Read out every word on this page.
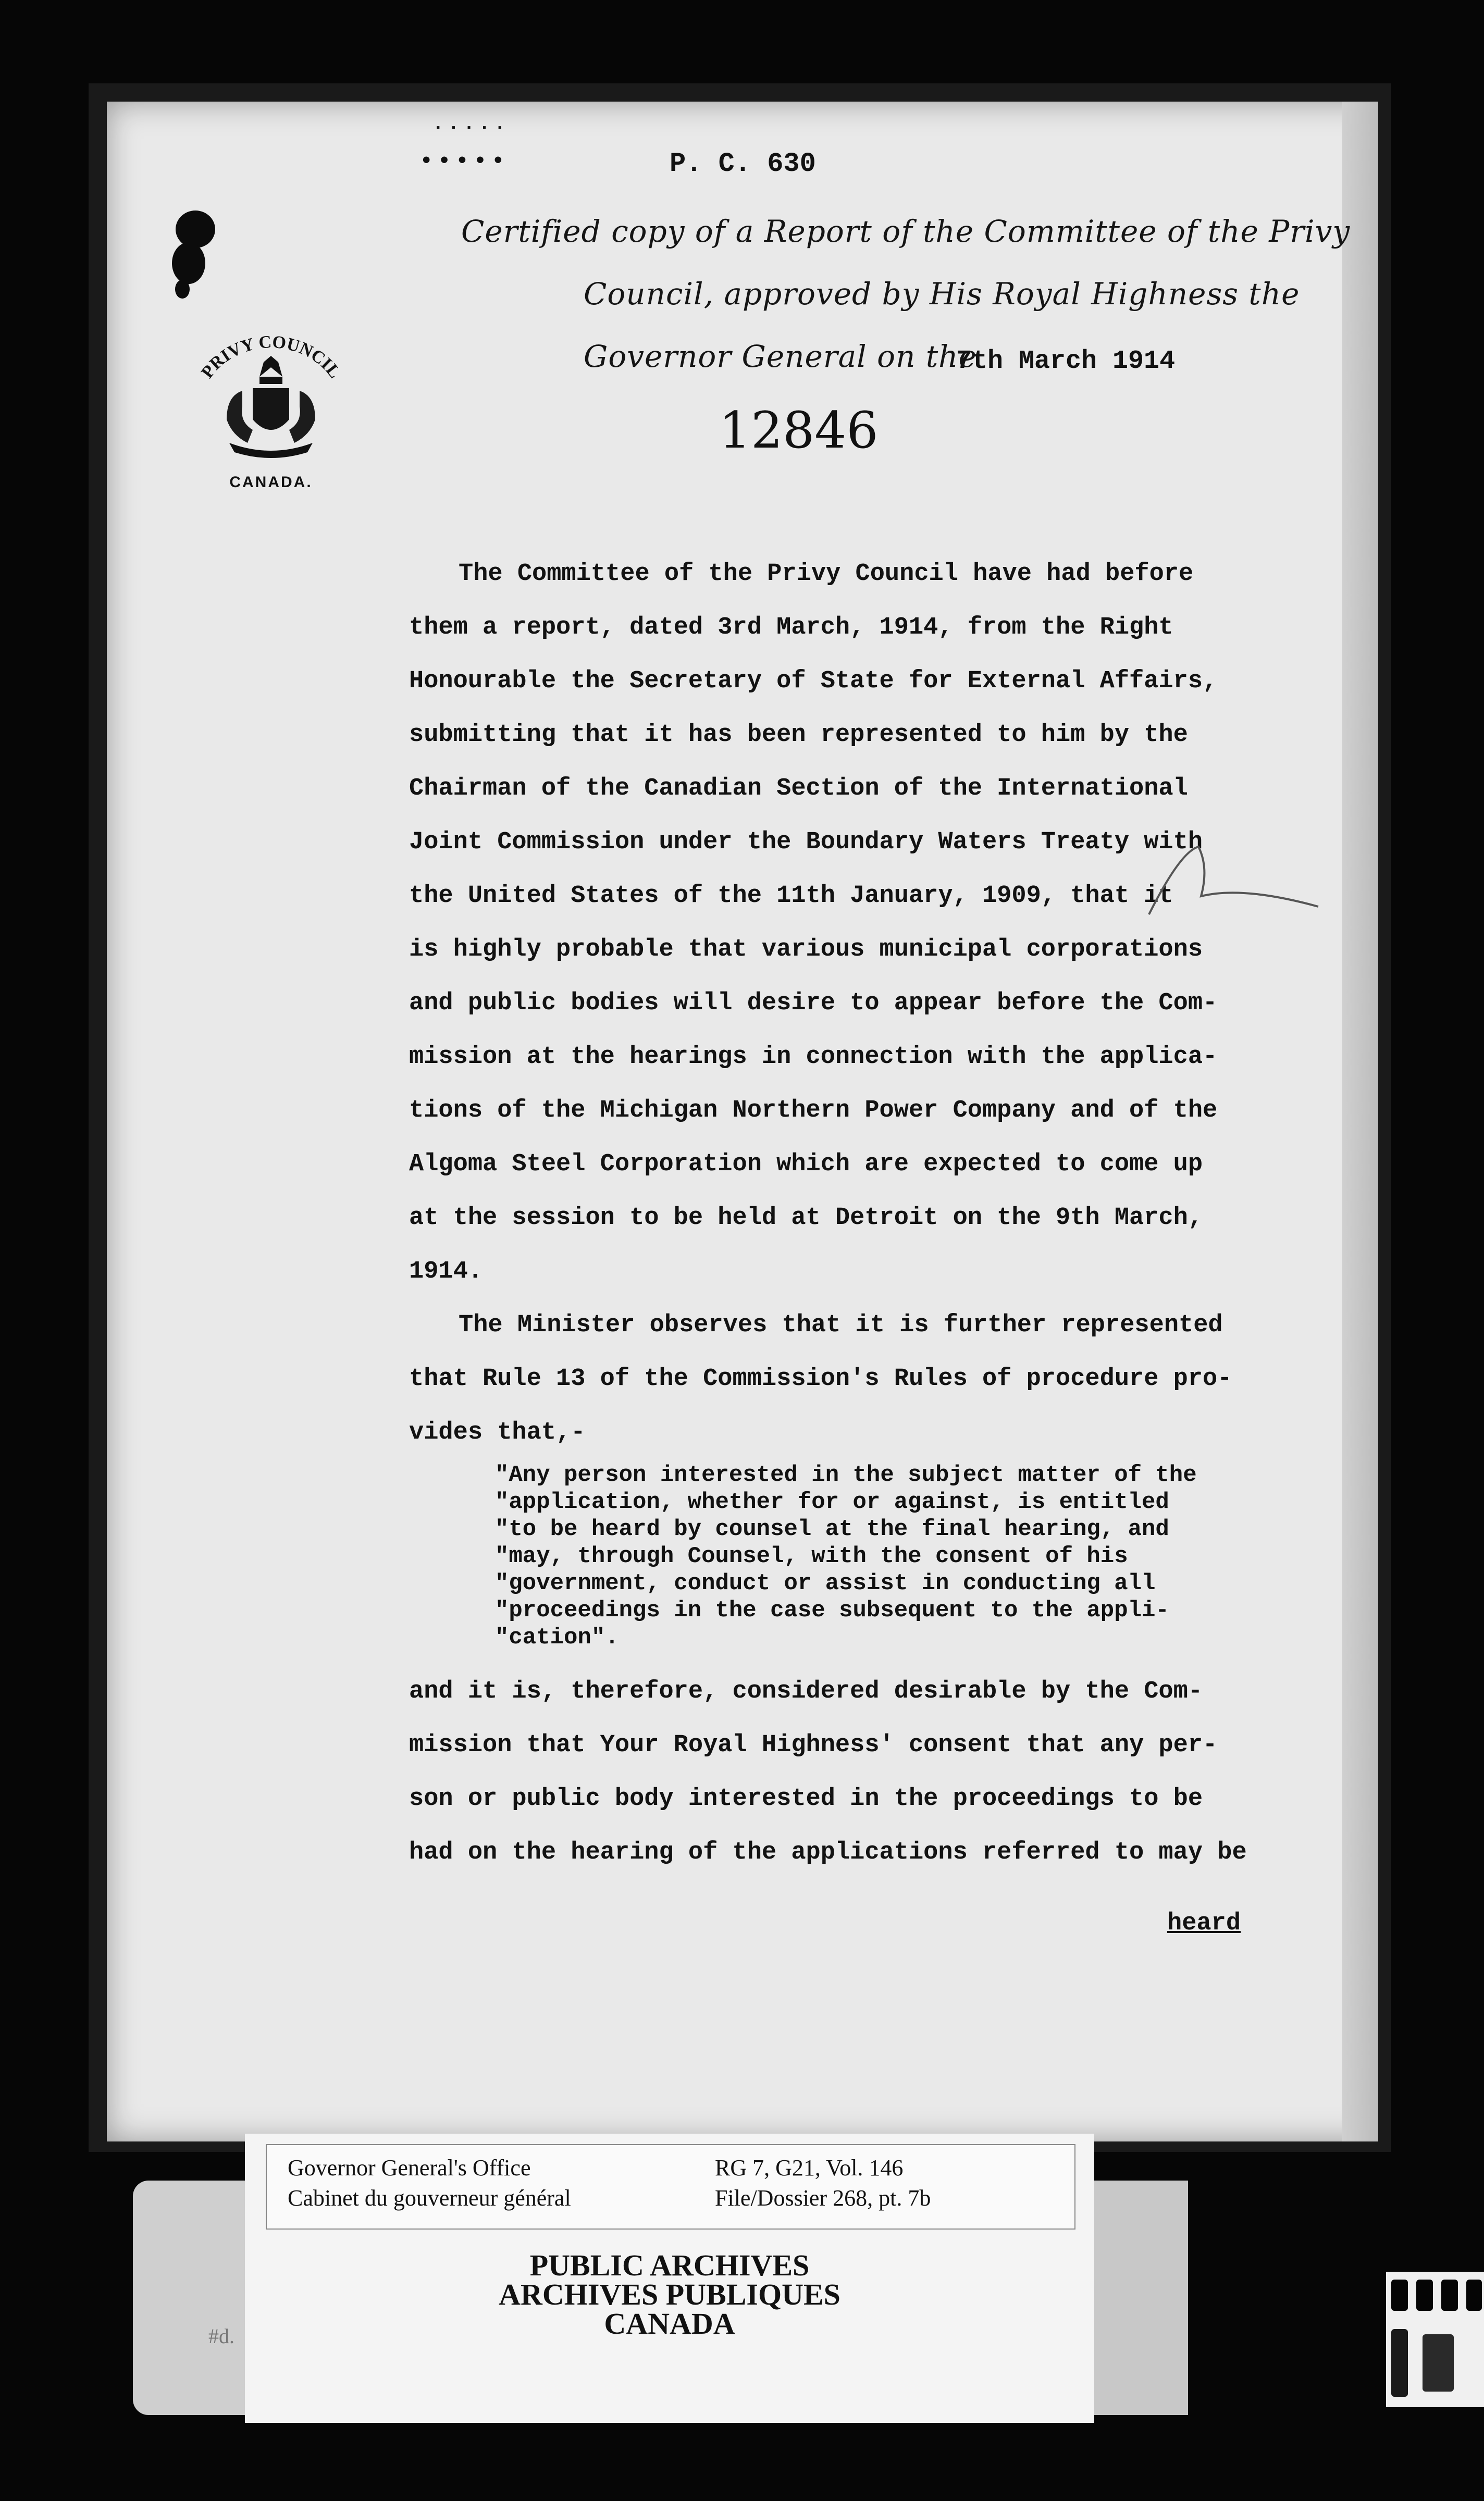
·····
•••••	P. C. 630
Certified copy of a Report of the Committee of the Privy
Council, approved by His Royal Highness the
Governor General on the
7th March 1914
12846
PRIVY COUNCIL
CANADA.
The Committee of the Privy Council have had before
them a report, dated 3rd March, 1914, from the Right
Honourable the Secretary of State for External Affairs,
submitting that it has been represented to him by the
Chairman of the Canadian Section of the International
Joint Commission under the Boundary Waters Treaty with
the United States of the 11th January, 1909, that it
is highly probable that various municipal corporations
and public bodies will desire to appear before the Com-
mission at the hearings in connection with the applica-
tions of the Michigan Northern Power Company and of the
Algoma Steel Corporation which are expected to come up
at the session to be held at Detroit on the 9th March,
1914.
The Minister observes that it is further represented
that Rule 13 of the Commission's Rules of procedure pro-
vides that,-
"Any person interested in the subject matter of the
"application, whether for or against, is entitled
"to be heard by counsel at the final hearing, and
"may, through Counsel, with the consent of his
"government, conduct or assist in conducting all
"proceedings in the case subsequent to the appli-
"cation".
and it is, therefore, considered desirable by the Com-
mission that Your Royal Highness' consent that any per-
son or public body interested in the proceedings to be
had on the hearing of the applications referred to may be
heard
#d.
Governor General's Office
Cabinet du gouverneur général
RG 7, G21, Vol. 146
File/Dossier 268, pt. 7b
PUBLIC ARCHIVES
ARCHIVES PUBLIQUES
CANADA
